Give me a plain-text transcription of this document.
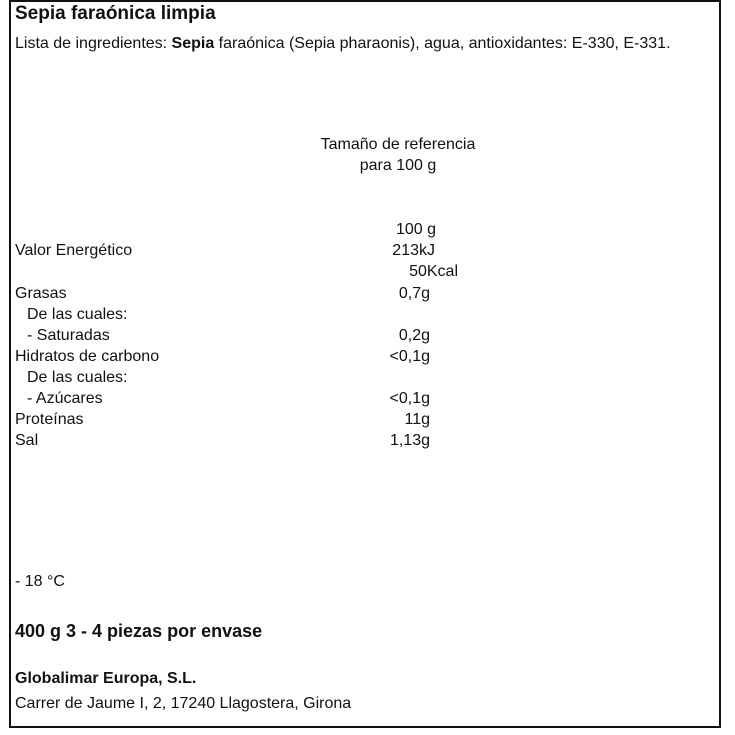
Sepia faraónica limpia
Lista de ingredientes: Sepia faraónica (Sepia pharaonis), agua, antioxidantes: E-330, E-331.
Tamaño de referencia
para 100 g
100 g
Valor Energético	213kJ
50Kcal
Grasas	0,7g
De las cuales:
- Saturadas	0,2g
Hidratos de carbono	<0,1g
De las cuales:
- Azúcares	<0,1g
Proteínas	11g
Sal	1,13g
- 18 °C
400 g 3 - 4 piezas por envase
Globalimar Europa, S.L.
Carrer de Jaume I, 2, 17240 Llagostera, Girona
